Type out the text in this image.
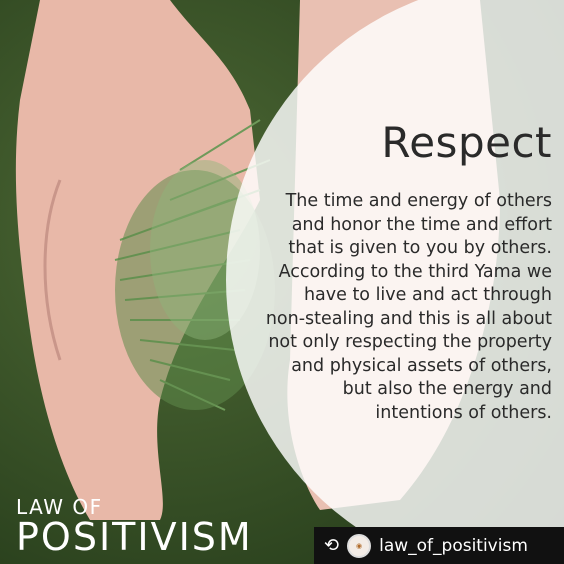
Respect
The time and energy of others
and honor the time and effort
that is given to you by others.
According to the third Yama we
have to live and act through
non-stealing and this is all about
not only respecting the property
and physical assets of others,
but also the energy and
intentions of others.
LAW OF
POSITIVISM	⟲	◉ law_of_positivism
